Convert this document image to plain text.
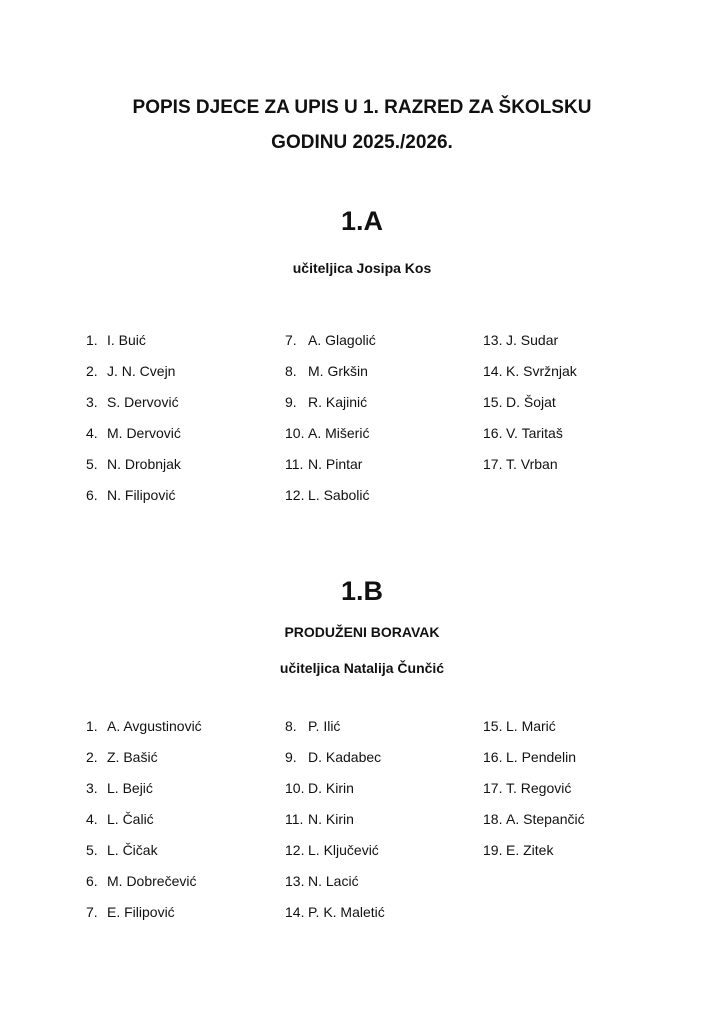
POPIS DJECE ZA UPIS U 1. RAZRED ZA ŠKOLSKU
GODINU 2025./2026.
1.A

učiteljica Josipa Kos

1. I. Buić
2. J. N. Cvejn
3. S. Dervović
4. M. Dervović
5. N. Drobnjak
6. N. Filipović
7. A. Glagolić
8. M. Grkšin
9. R. Kajinić
10. A. Mišerić
11. N. Pintar
12. L. Sabolić
13. J. Sudar
14. K. Svržnjak
15. D. Šojat
16. V. Taritaš
17. T. Vrban
1.B

PRODUŽENI BORAVAK

učiteljica Natalija Čunčić

1. A. Avgustinović
2. Z. Bašić
3. L. Bejić
4. L. Čalić
5. L. Čičak
6. M. Dobrečević
7. E. Filipović
8. P. Ilić
9. D. Kadabec
10. D. Kirin
11. N. Kirin
12. L. Ključević
13. N. Lacić
14. P. K. Maletić
15. L. Marić
16. L. Pendelin
17. T. Regović
18. A. Stepančić
19. E. Zitek
